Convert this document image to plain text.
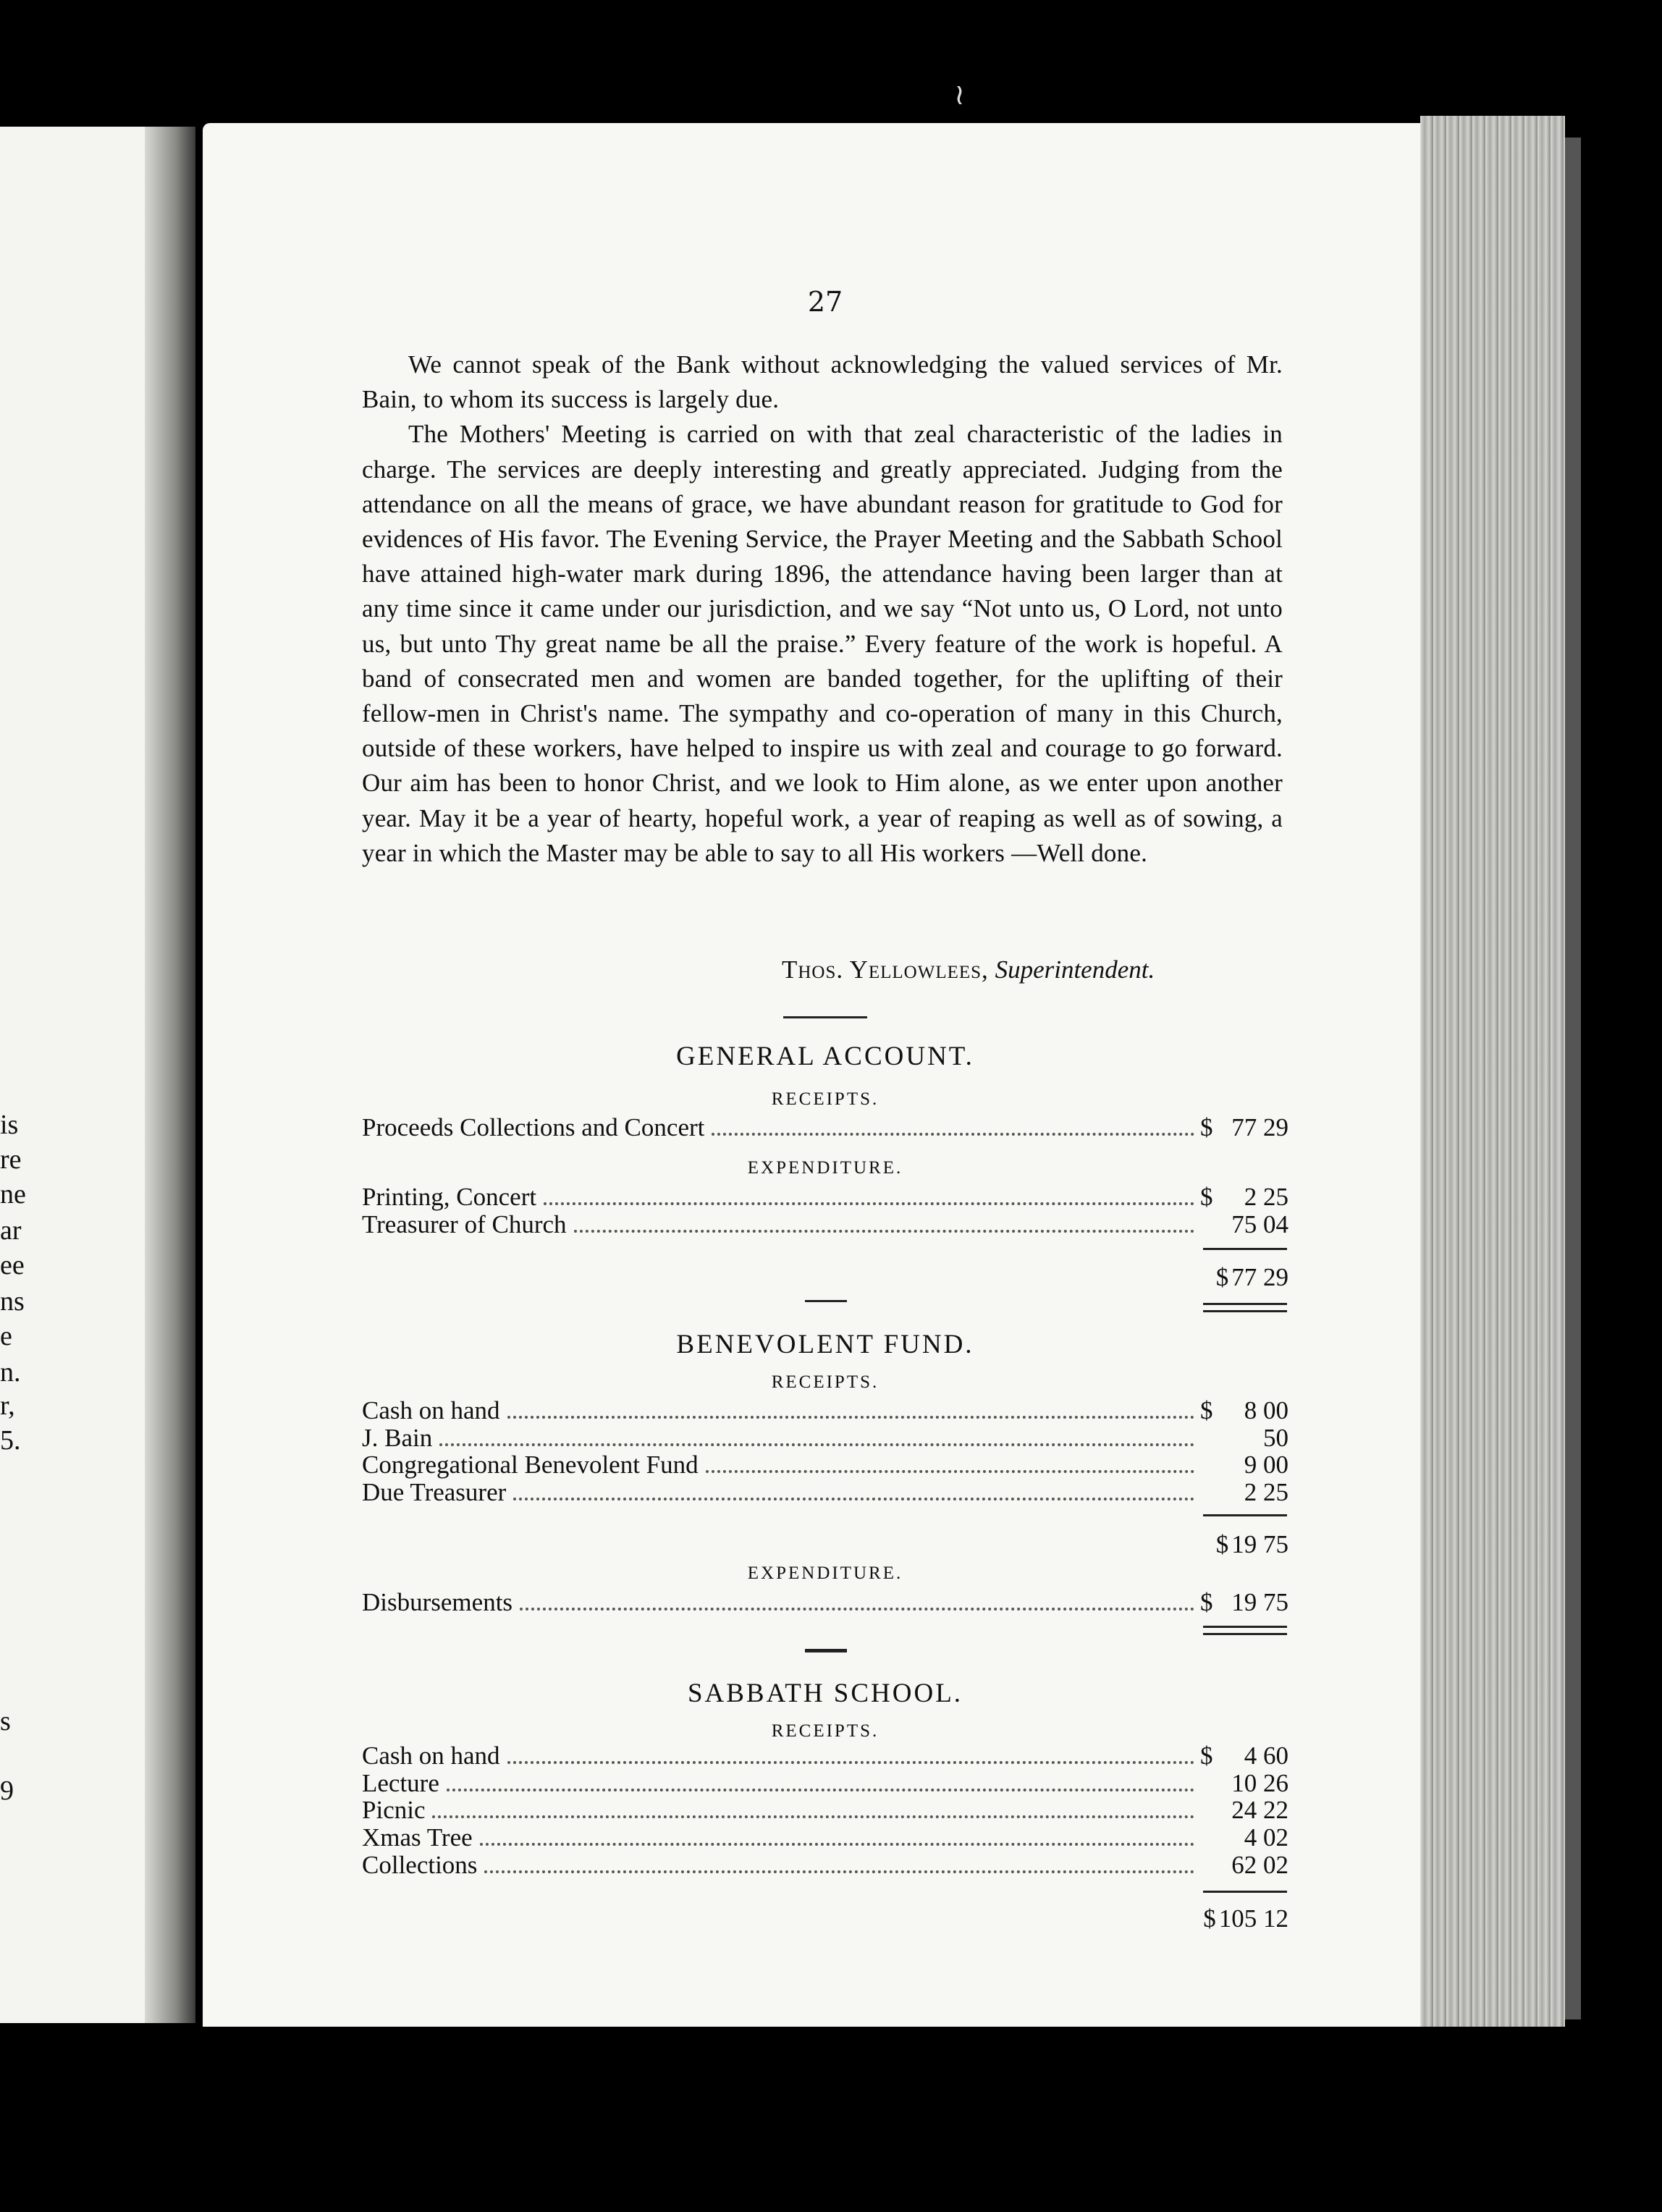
is
re
ne
ar
ee
ns
e
n.
r,
5.
s
9
≀
27

We cannot speak of the Bank without acknowledging the valued services of Mr. Bain, to whom its success is largely due.

The Mothers' Meeting is carried on with that zeal characteristic of the ladies in charge. The services are deeply interesting and greatly appreciated. Judging from the attendance on all the means of grace, we have abundant reason for gratitude to God for evidences of His favor. The Evening Service, the Prayer Meeting and the Sabbath School have attained high-water mark during 1896, the attendance having been larger than at any time since it came under our jurisdiction, and we say “Not unto us, O Lord, not unto us, but unto Thy great name be all the praise.” Every feature of the work is hopeful. A band of consecrated men and women are banded together, for the uplifting of their fellow-men in Christ's name. The sympathy and co-operation of many in this Church, outside of these workers, have helped to inspire us with zeal and courage to go forward. Our aim has been to honor Christ, and we look to Him alone, as we enter upon another year. May it be a year of hearty, hopeful work, a year of reaping as well as of sowing, a year in which the Master may be able to say to all His workers —Well done.

Thos. Yellowlees, Superintendent.
GENERAL ACCOUNT.
RECEIPTS.
Proceeds Collections and Concert	$ 77 29
EXPENDITURE.
Printing, Concert	$ 2 25
Treasurer of Church	75 04
$ 77 29
BENEVOLENT FUND.
RECEIPTS.
Cash on hand	$ 8 00
J. Bain	50
Congregational Benevolent Fund	9 00
Due Treasurer	2 25
$ 19 75
EXPENDITURE.
Disbursements	$ 19 75
SABBATH SCHOOL.
RECEIPTS.
Cash on hand	$ 4 60
Lecture	10 26
Picnic	24 22
Xmas Tree	4 02
Collections	62 02
$ 105 12
